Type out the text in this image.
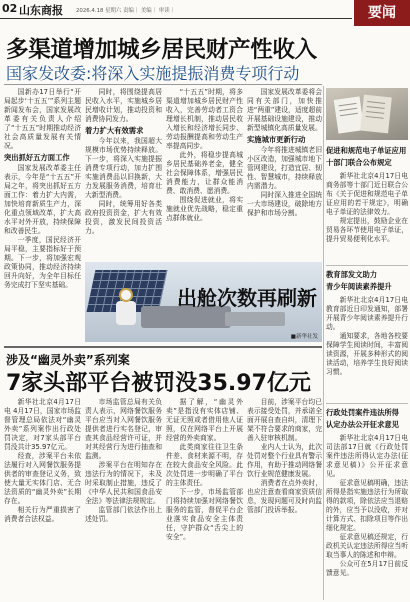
02 山东商报 2026.4.18 星期六 责编｜ 美编｜ 审读｜	要闻
多渠道增加城乡居民财产性收入
国家发改委:将深入实施提振消费专项行动

国新办17日举行“开局起步‘十五五’”系列主题新闻发布会，国家发展改革委有关负责人介绍了“十五五”时期推动经济社会高质量发展有关情况。

突出抓好五方面工作

国家发展改革委主任表示，今年是“十五五”开局之年，将突出抓好五方面工作：着力扩大内需，加快培育新质生产力，深化重点领域改革，扩大高水平对外开放，持续保障和改善民生。

一季度，国民经济开局平稳，主要指标好于预期。下一步，将加强宏观政策协同，推动经济持续回升向好，为全年目标任务完成打下坚实基础。

同时，将围绕提高居民收入水平，实施城乡居民增收计划，推动投资和消费协同发力。

着力扩大有效需求

今年以来，我国超大规模市场优势持续释放。下一步，将深入实施提振消费专项行动，加力扩围实施消费品以旧换新，大力发展服务消费，培育壮大新型消费。

同时，统筹用好各类政府投资资金，扩大有效投资，激发民间投资活力。

“十五五”时期，将多渠道增加城乡居民财产性收入，完善劳动者工资合理增长机制，推动居民收入增长和经济增长同步、劳动报酬提高和劳动生产率提高同步。

此外，将稳步提高城乡居民基础养老金，健全社会保障体系，增强居民消费能力，让群众能消费、敢消费、愿消费。

围绕促进就业，将实施就业优先战略，稳定重点群体就业。

国家发展改革委将会同有关部门，加快推进“两重”建设，适度超前开展基础设施建设，推动新型城镇化高质量发展。

实施城市更新行动

今年将推进城镇老旧小区改造，加强城市地下管网建设，打造宜居、韧性、智慧城市，持续释放内需潜力。

同时深入推进全国统一大市场建设，破除地方保护和市场分割。

出舱次数再刷新
■新华社发
涉及“幽灵外卖”系列案
7家头部平台被罚没35.97亿元

新华社北京4月17日电 4月17日，国家市场监督管理总局依法对“幽灵外卖”系列案作出行政处罚决定，对7家头部平台罚没共计35.97亿元。

经查，涉案平台未依法履行对入网餐饮服务提供者的审查登记义务，致使大量无实体门店、无合法资质的“幽灵外卖”长期存在。

相关行为严重损害了消费者合法权益。

市场监管总局有关负责人表示，网络餐饮服务平台应当对入网餐饮服务提供者进行实名登记，审查其食品经营许可证，并对其经营行为进行抽查和监测。

涉案平台在明知存在违法行为的情况下，未及时采取制止措施，违反了《中华人民共和国食品安全法》等法律法规规定。

监管部门依法作出上述处罚。

据了解，“幽灵外卖”是指没有实体店铺、无证无照或者借用他人证照，仅在网络平台上开展经营的外卖商家。

此类商家往往卫生条件差、食材来源不明，存在较大食品安全风险。此次处罚进一步明确了平台的主体责任。

下一步，市场监管部门将持续加强对网络餐饮服务的监管，督促平台企业落实食品安全主体责任，守护群众“舌尖上的安全”。

目前，涉案平台均已表示接受处罚，并承诺全面开展自查自纠，清理下架不符合要求的商家，完善入驻审核机制。

业内人士认为，此次处罚对整个行业具有警示作用，有助于推动网络餐饮行业规范健康发展。

消费者在点外卖时，也应注意查看商家资质信息，发现问题可及时向监管部门投诉举报。

促进和规范电子单证应用
十部门联合公布规定

新华社北京4月17日电 商务部等十部门近日联合公布《关于促进和规范电子单证应用的若干规定》，明确电子单证的法律效力。

规定提出，鼓励企业在贸易各环节使用电子单证，提升贸易便利化水平。

教育部发文助力
青少年阅读素养提升

新华社北京4月17日电 教育部近日印发通知，部署开展青少年阅读素养提升行动。

通知要求，各地各校要保障学生阅读时间，丰富阅读资源，开展多种形式的阅读活动，培养学生良好阅读习惯。

行政处罚案件违法所得
认定办法公开征求意见

新华社北京4月17日电 司法部17日就《行政处罚案件违法所得认定办法(征求意见稿)》公开征求意见。

征求意见稿明确，违法所得是指实施违法行为所取得的款项，除依法应当退赔的外，应当予以没收，并对计算方式、扣除项目等作出细化规定。

征求意见稿还规定，行政机关认定违法所得应当听取当事人的陈述和申辩。

公众可在5月17日前反馈意见。
